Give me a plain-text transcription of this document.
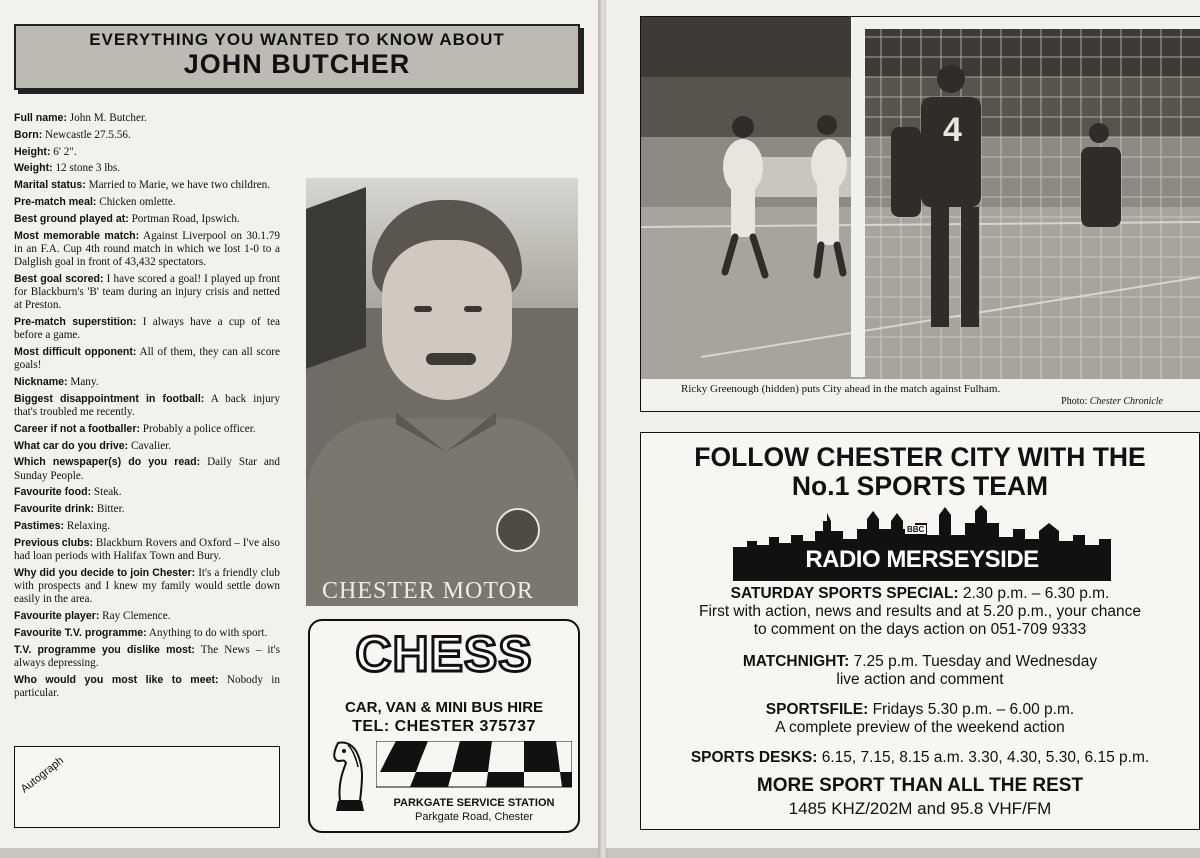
EVERYTHING YOU WANTED TO KNOW ABOUT
JOHN BUTCHER

Full name: John M. Butcher.

Born: Newcastle 27.5.56.

Height: 6' 2".

Weight: 12 stone 3 lbs.

Marital status: Married to Marie, we have two children.

Pre-match meal: Chicken omlette.

Best ground played at: Portman Road, Ipswich.

Most memorable match: Against Liverpool on 30.1.79 in an F.A. Cup 4th round match in which we lost 1-0 to a Dalglish goal in front of 43,432 spectators.

Best goal scored: I have scored a goal! I played up front for Blackburn's 'B' team during an injury crisis and netted at Preston.

Pre-match superstition: I always have a cup of tea before a game.

Most difficult opponent: All of them, they can all score goals!

Nickname: Many.

Biggest disappointment in football: A back injury that's troubled me recently.

Career if not a footballer: Probably a police officer.

What car do you drive: Cavalier.

Which newspaper(s) do you read: Daily Star and Sunday People.

Favourite food: Steak.

Favourite drink: Bitter.

Pastimes: Relaxing.

Previous clubs: Blackburn Rovers and Oxford – I've also had loan periods with Halifax Town and Bury.

Why did you decide to join Chester: It's a friendly club with prospects and I knew my family would settle down easily in the area.

Favourite player: Ray Clemence.

Favourite T.V. programme: Anything to do with sport.

T.V. programme you dislike most: The News – it's always depressing.

Who would you most like to meet: Nobody in particular.

Autograph
CHESTER MOTOR
CHESS
CAR, VAN & MINI BUS HIRE
TEL: CHESTER 375737
PARKGATE SERVICE STATION
Parkgate Road, Chester
4
Ricky Greenough (hidden) puts City ahead in the match against Fulham.
Photo: Chester Chronicle
FOLLOW CHESTER CITY WITH THE
No.1 SPORTS TEAM
BBC
RADIO MERSEYSIDE
SATURDAY SPORTS SPECIAL: 2.30 p.m. – 6.30 p.m.
First with action, news and results and at 5.20 p.m., your chance
to comment on the days action on 051-709 9333
MATCHNIGHT: 7.25 p.m. Tuesday and Wednesday
live action and comment
SPORTSFILE: Fridays 5.30 p.m. – 6.00 p.m.
A complete preview of the weekend action
SPORTS DESKS: 6.15, 7.15, 8.15 a.m. 3.30, 4.30, 5.30, 6.15 p.m.
MORE SPORT THAN ALL THE REST
1485 KHZ/202M and 95.8 VHF/FM
